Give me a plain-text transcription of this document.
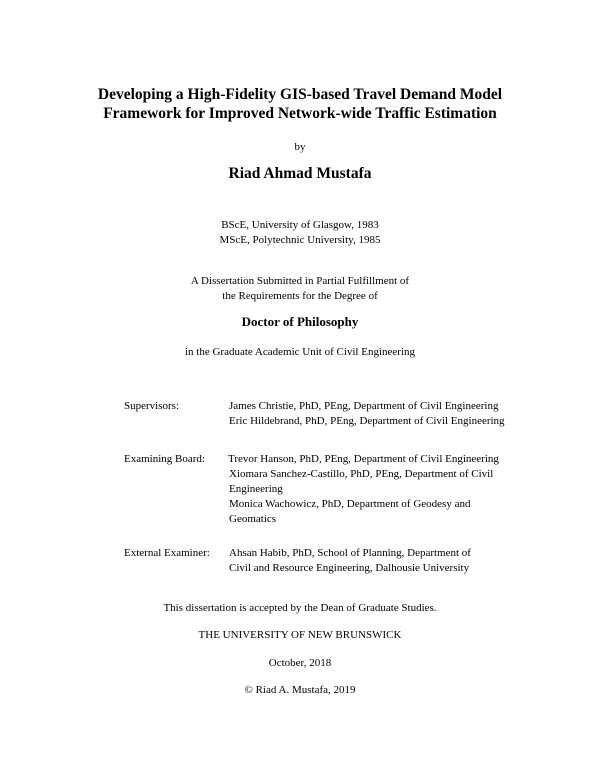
Developing a High-Fidelity GIS-based Travel Demand Model
Framework for Improved Network-wide Traffic Estimation
by
Riad Ahmad Mustafa
BScE, University of Glasgow, 1983
MScE, Polytechnic University, 1985
A Dissertation Submitted in Partial Fulfillment of
the Requirements for the Degree of
Doctor of Philosophy
in the Graduate Academic Unit of Civil Engineering
Supervisors:	James Christie, PhD, PEng, Department of Civil Engineering
Eric Hildebrand, PhD, PEng, Department of Civil Engineering
Examining Board: Trevor Hanson, PhD, PEng, Department of Civil Engineering
Xiomara Sanchez-Castillo, PhD, PEng, Department of Civil
Engineering
Monica Wachowicz, PhD, Department of Geodesy and
Geomatics
External Examiner: Ahsan Habib, PhD, School of Planning, Department of
Civil and Resource Engineering, Dalhousie University
This dissertation is accepted by the Dean of Graduate Studies.
THE UNIVERSITY OF NEW BRUNSWICK
October, 2018
© Riad A. Mustafa, 2019
